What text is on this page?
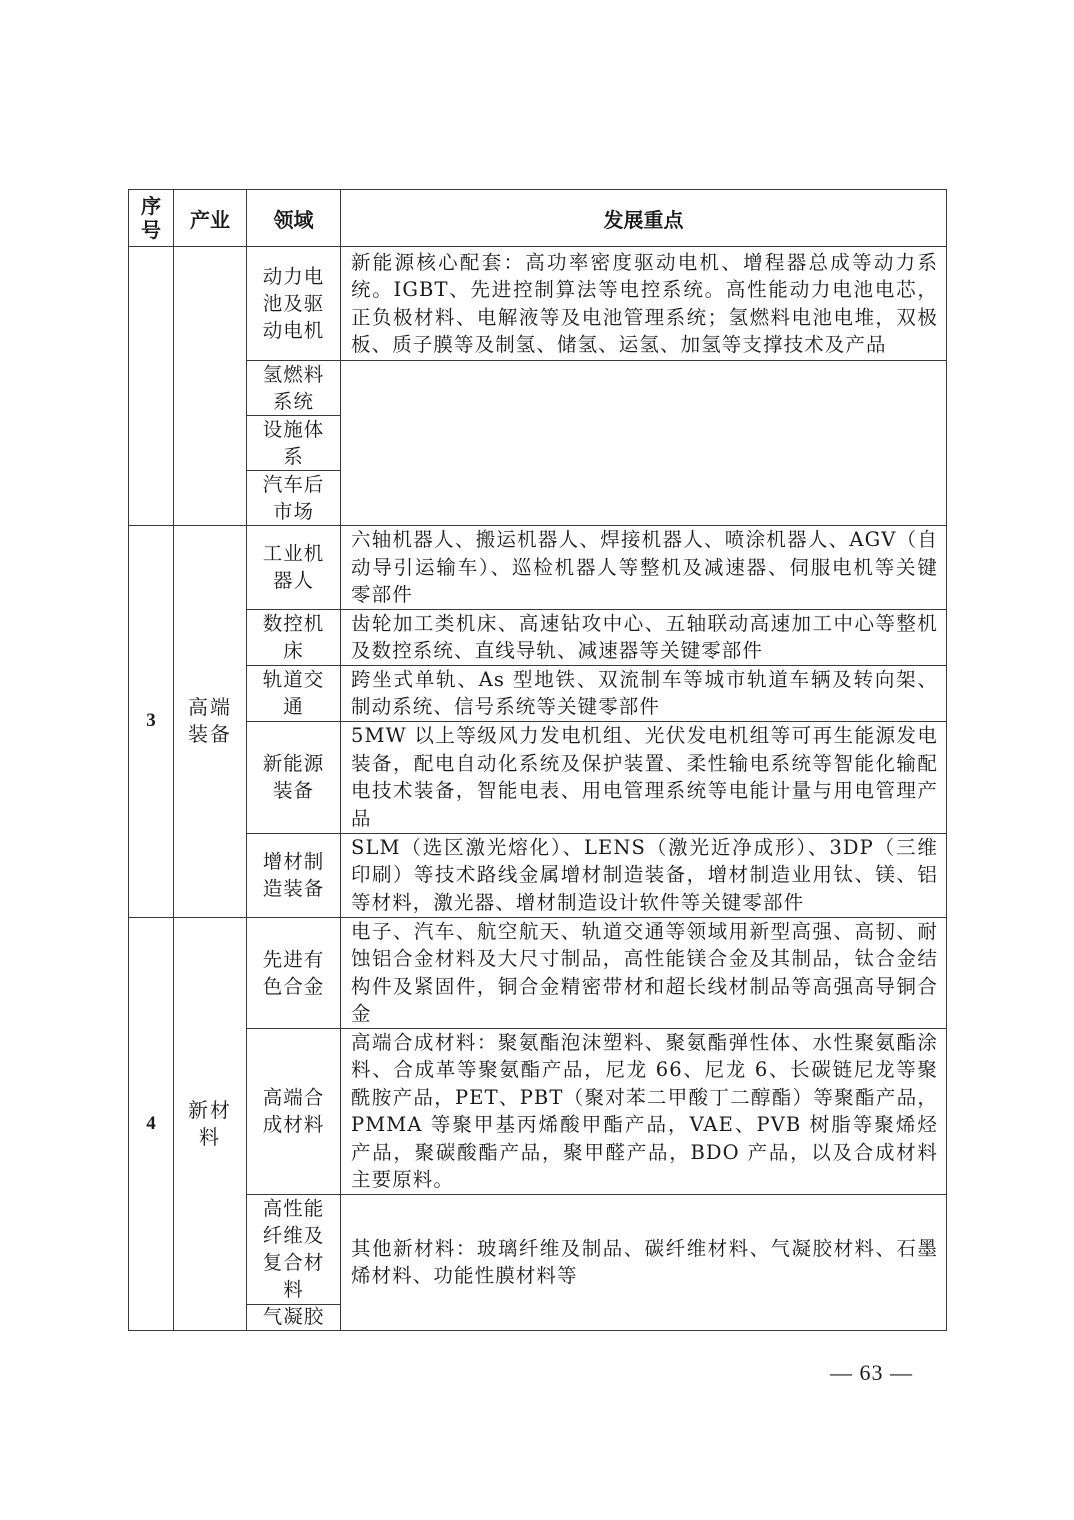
序号	产业	领域	发展重点
		动力电池及驱动电机	新能源核心配套：高功率密度驱动电机、增程器总成等动力系统。IGBT、先进控制算法等电控系统。高性能动力电池电芯，正负极材料、电解液等及电池管理系统；氢燃料电池电堆，双极板、质子膜等及制氢、储氢、运氢、加氢等支撑技术及产品
		氢燃料系统	
		设施体系	
		汽车后市场	
3	高端装备	工业机器人	六轴机器人、搬运机器人、焊接机器人、喷涂机器人、AGV（自动导引运输车）、巡检机器人等整机及减速器、伺服电机等关键零部件
		数控机床	齿轮加工类机床、高速钻攻中心、五轴联动高速加工中心等整机及数控系统、直线导轨、减速器等关键零部件
		轨道交通	跨坐式单轨、As 型地铁、双流制车等城市轨道车辆及转向架、制动系统、信号系统等关键零部件
		新能源装备	5MW 以上等级风力发电机组、光伏发电机组等可再生能源发电装备，配电自动化系统及保护装置、柔性输电系统等智能化输配电技术装备，智能电表、用电管理系统等电能计量与用电管理产品
		增材制造装备	SLM（选区激光熔化）、LENS（激光近净成形）、3DP（三维印刷）等技术路线金属增材制造装备，增材制造业用钛、镁、铝等材料，激光器、增材制造设计软件等关键零部件
4	新材料	先进有色合金	电子、汽车、航空航天、轨道交通等领域用新型高强、高韧、耐蚀铝合金材料及大尺寸制品，高性能镁合金及其制品，钛合金结构件及紧固件，铜合金精密带材和超长线材制品等高强高导铜合金
		高端合成材料	高端合成材料：聚氨酯泡沫塑料、聚氨酯弹性体、水性聚氨酯涂料、合成革等聚氨酯产品，尼龙 66、尼龙 6、长碳链尼龙等聚酰胺产品，PET、PBT（聚对苯二甲酸丁二醇酯）等聚酯产品，PMMA 等聚甲基丙烯酸甲酯产品，VAE、PVB 树脂等聚烯烃产品，聚碳酸酯产品，聚甲醛产品，BDO 产品，以及合成材料主要原料。
		高性能纤维及复合材料	其他新材料：玻璃纤维及制品、碳纤维材料、气凝胶材料、石墨烯材料、功能性膜材料等
		气凝胶	
— 63 —
